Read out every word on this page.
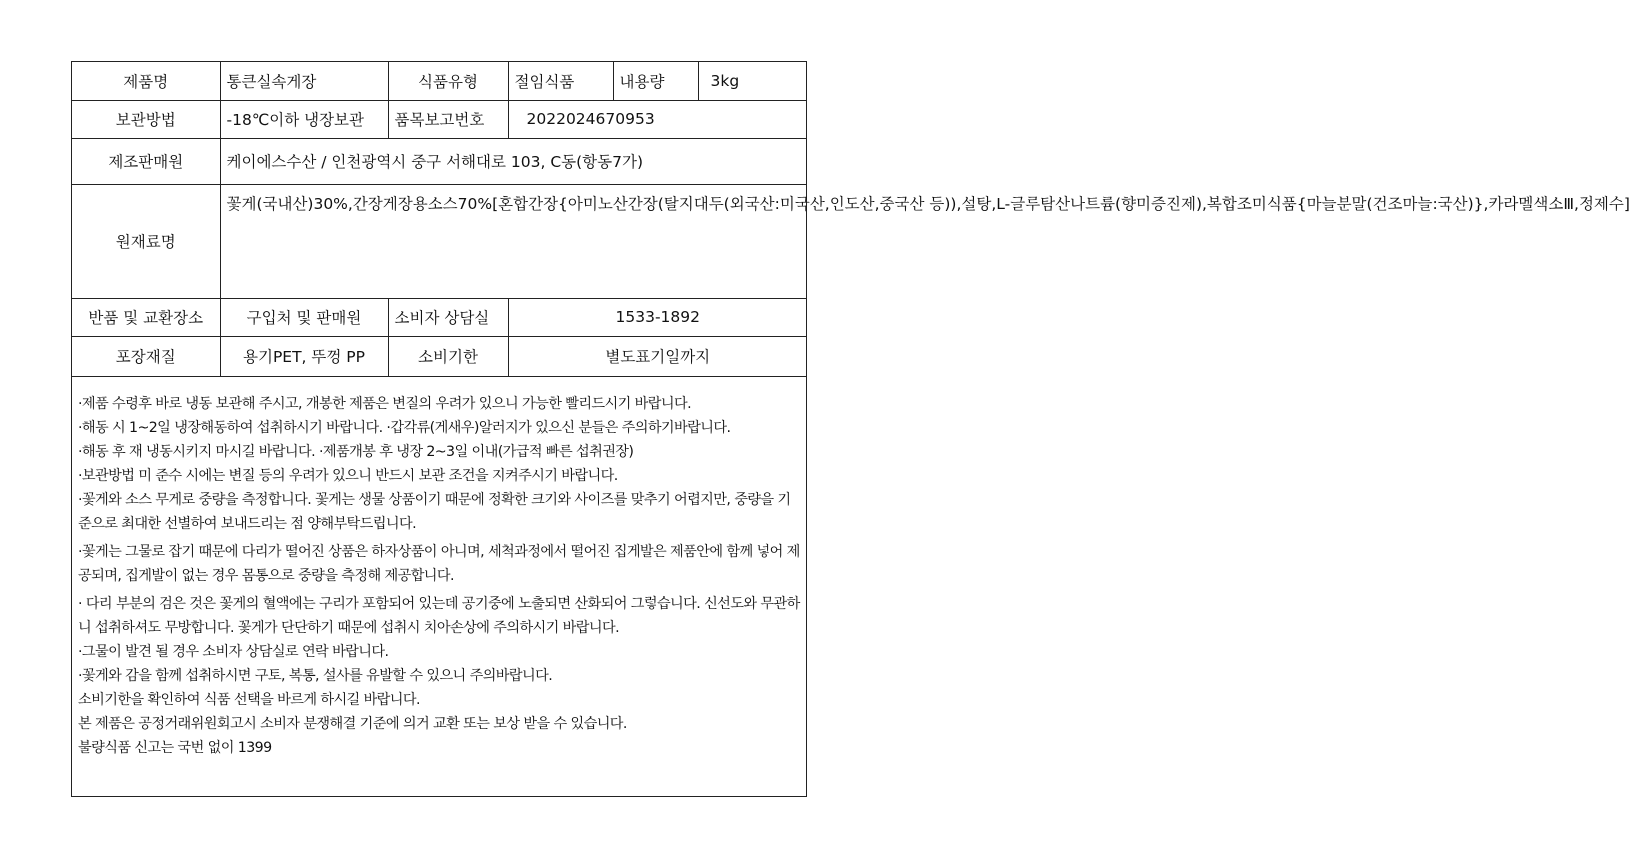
제품명	통큰실속게장	식품유형	절임식품	내용량	3kg
보관방법	-18℃이하 냉장보관	품목보고번호	2022024670953		
제조판매원	케이에스수산 / 인천광역시 중구 서해대로 103, C동(항동7가)				
원재료명	꽃게(국내산)30%,간장게장용소스70%[혼합간장{아미노산간장(탈지대두(외국산:미국산,인도산,중국산 등)),설탕,L-글루탐산나트륨(향미증진제),복합조미식품{마늘분말(건조마늘:국산)},카라멜색소Ⅲ,정제수]				
반품 및 교환장소	구입처 및 판매원	소비자 상담실	1533-1892		
포장재질	용기PET, 뚜껑 PP	소비기한	별도표기일까지		

·제품 수령후 바로 냉동 보관해 주시고, 개봉한 제품은 변질의 우려가 있으니 가능한 빨리드시기 바랍니다.

·해동 시 1~2일 냉장해동하여 섭취하시기 바랍니다. ·갑각류(게새우)알러지가 있으신 분들은 주의하기바랍니다.

·해동 후 재 냉동시키지 마시길 바랍니다. ·제품개봉 후 냉장 2~3일 이내(가급적 빠른 섭취권장)

·보관방법 미 준수 시에는 변질 등의 우려가 있으니 반드시 보관 조건을 지켜주시기 바랍니다.

·꽃게와 소스 무게로 중량을 측정합니다. 꽃게는 생물 상품이기 때문에 정확한 크기와 사이즈를 맞추기 어렵지만, 중량을 기준으로 최대한 선별하여 보내드리는 점 양해부탁드립니다.

·꽃게는 그물로 잡기 때문에 다리가 떨어진 상품은 하자상품이 아니며, 세척과정에서 떨어진 집게발은 제품안에 함께 넣어 제공되며, 집게발이 없는 경우 몸통으로 중량을 측정해 제공합니다.

· 다리 부분의 검은 것은 꽃게의 혈액에는 구리가 포함되어 있는데 공기중에 노출되면 산화되어 그렇습니다. 신선도와 무관하니 섭취하셔도 무방합니다. 꽃게가 단단하기 때문에 섭취시 치아손상에 주의하시기 바랍니다.

·그물이 발견 될 경우 소비자 상담실로 연락 바랍니다.

·꽃게와 감을 함께 섭취하시면 구토, 복통, 설사를 유발할 수 있으니 주의바랍니다.

소비기한을 확인하여 식품 선택을 바르게 하시길 바랍니다.

본 제품은 공정거래위원회고시 소비자 분쟁해결 기준에 의거 교환 또는 보상 받을 수 있습니다.

불량식품 신고는 국번 없이 1399
